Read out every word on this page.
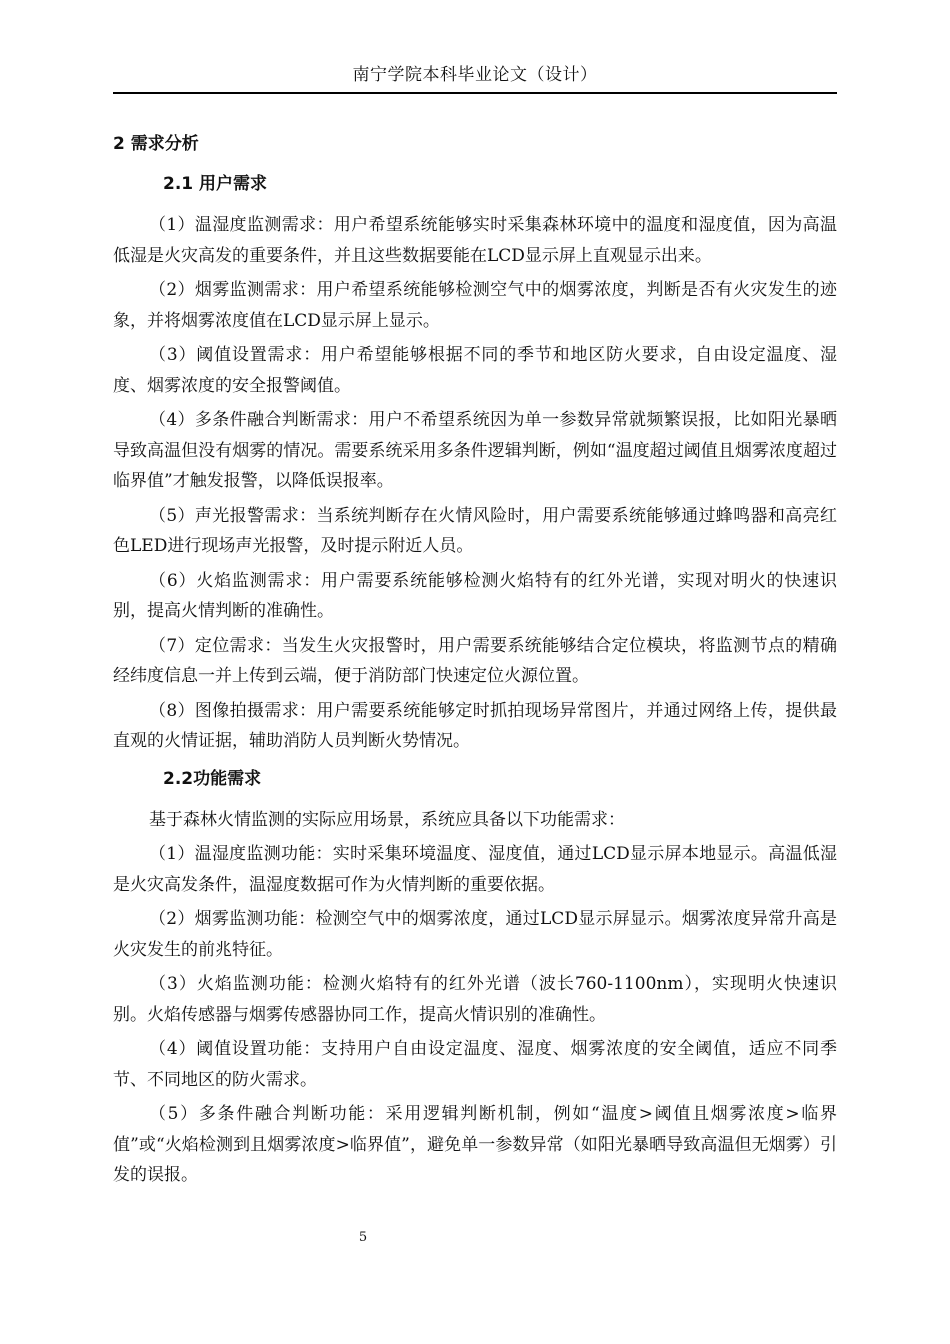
南宁学院本科毕业论文（设计）
2 需求分析
2.1 用户需求

（1）温湿度监测需求：用户希望系统能够实时采集森林环境中的温度和湿度值，因为高温低湿是火灾高发的重要条件，并且这些数据要能在LCD显示屏上直观显示出来。

（2）烟雾监测需求：用户希望系统能够检测空气中的烟雾浓度，判断是否有火灾发生的迹象，并将烟雾浓度值在LCD显示屏上显示。

（3）阈值设置需求：用户希望能够根据不同的季节和地区防火要求，自由设定温度、湿度、烟雾浓度的安全报警阈值。

（4）多条件融合判断需求：用户不希望系统因为单一参数异常就频繁误报，比如阳光暴晒导致高温但没有烟雾的情况。需要系统采用多条件逻辑判断，例如“温度超过阈值且烟雾浓度超过临界值”才触发报警，以降低误报率。

（5）声光报警需求：当系统判断存在火情风险时，用户需要系统能够通过蜂鸣器和高亮红色LED进行现场声光报警，及时提示附近人员。

（6）火焰监测需求：用户需要系统能够检测火焰特有的红外光谱，实现对明火的快速识别，提高火情判断的准确性。

（7）定位需求：当发生火灾报警时，用户需要系统能够结合定位模块，将监测节点的精确经纬度信息一并上传到云端，便于消防部门快速定位火源位置。

（8）图像拍摄需求：用户需要系统能够定时抓拍现场异常图片，并通过网络上传，提供最直观的火情证据，辅助消防人员判断火势情况。

2.2功能需求

基于森林火情监测的实际应用场景，系统应具备以下功能需求：

（1）温湿度监测功能：实时采集环境温度、湿度值，通过LCD显示屏本地显示。高温低湿是火灾高发条件，温湿度数据可作为火情判断的重要依据。

（2）烟雾监测功能：检测空气中的烟雾浓度，通过LCD显示屏显示。烟雾浓度异常升高是火灾发生的前兆特征。

（3）火焰监测功能：检测火焰特有的红外光谱（波长760-1100nm），实现明火快速识别。火焰传感器与烟雾传感器协同工作，提高火情识别的准确性。

（4）阈值设置功能：支持用户自由设定温度、湿度、烟雾浓度的安全阈值，适应不同季节、不同地区的防火需求。

（5）多条件融合判断功能：采用逻辑判断机制，例如“温度>阈值且烟雾浓度>临界值”或“火焰检测到且烟雾浓度>临界值”，避免单一参数异常（如阳光暴晒导致高温但无烟雾）引发的误报。

5
